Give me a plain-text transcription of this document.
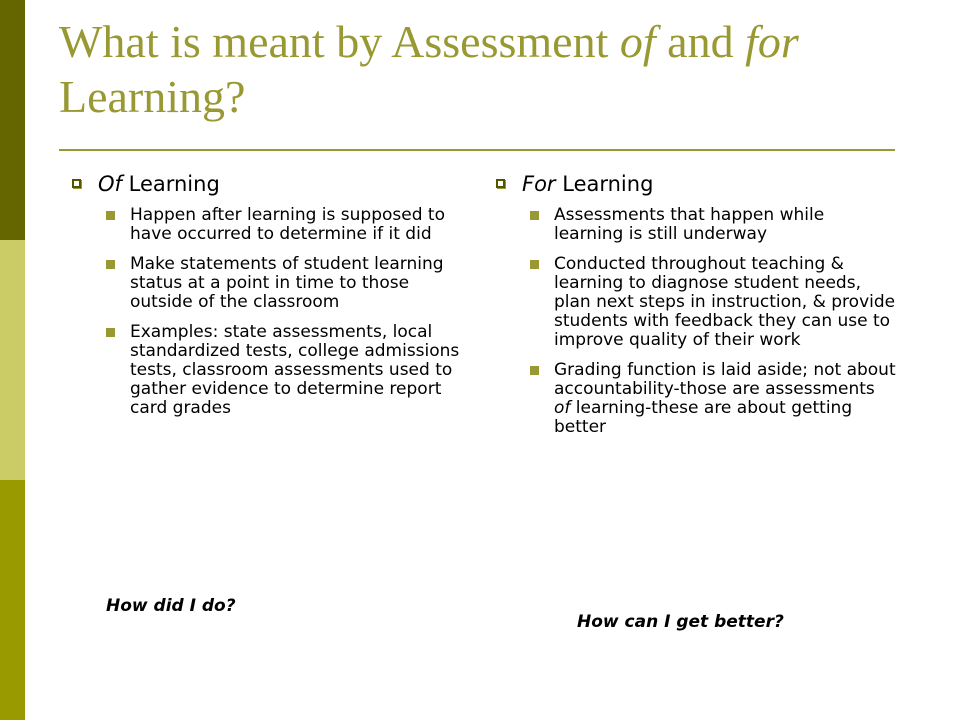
What is meant by Assessment of and for Learning?
Of Learning
Happen after learning is supposed to have occurred to determine if it did
Make statements of student learning status at a point in time to those outside of the classroom
Examples: state assessments, local standardized tests, college admissions tests, classroom assessments used to gather evidence to determine report card grades
How did I do?
For Learning
Assessments that happen while learning is still underway
Conducted throughout teaching & learning to diagnose student needs, plan next steps in instruction, & provide students with feedback they can use to improve quality of their work
Grading function is laid aside; not about accountability-those are assessments of learning-these are about getting better
How can I get better?
